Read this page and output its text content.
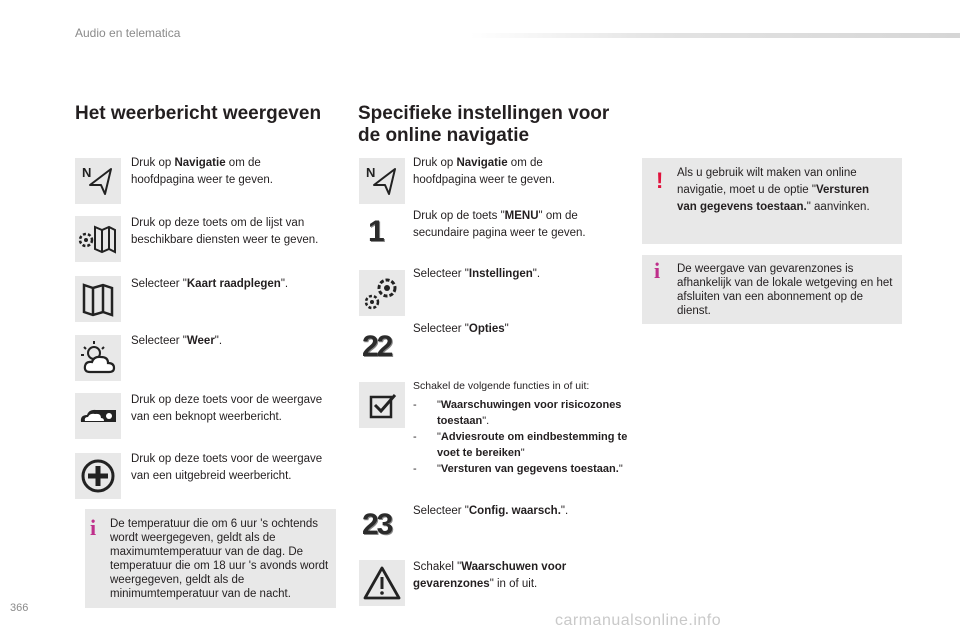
Audio en telematica
Het weerbericht weergeven
N
Druk op Navigatie om de hoofdpagina weer te geven.
Druk op deze toets om de lijst van beschikbare diensten weer te geven.
Selecteer "Kaart raadplegen".
Selecteer "Weer".
Druk op deze toets voor de weergave van een beknopt weerbericht.
Druk op deze toets voor de weergave van een uitgebreid weerbericht.
i De temperatuur die om 6 uur 's ochtends wordt weergegeven, geldt als de maximumtemperatuur van de dag. De temperatuur die om 18 uur 's avonds wordt weergegeven, geldt als de minimumtemperatuur van de nacht.
Specifieke instellingen voor
de online navigatie
N
Druk op Navigatie om de hoofdpagina weer te geven.
1	Druk op de toets "MENU" om de secundaire pagina weer te geven.
Selecteer "Instellingen".
22
Selecteer "Opties"
Schakel de volgende functies in of uit:
-	"Waarschuwingen voor risicozones toestaan".
-	"Adviesroute om eindbestemming te voet te bereiken"
-	"Versturen van gegevens toestaan."
23 Selecteer "Config. waarsch.".
Schakel "Waarschuwen voor gevarenzones" in of uit.
! Als u gebruik wilt maken van online navigatie, moet u de optie "Versturen van gegevens toestaan." aanvinken.
i De weergave van gevarenzones is afhankelijk van de lokale wetgeving en het afsluiten van een abonnement op de dienst.
366
carmanualsonline.info
